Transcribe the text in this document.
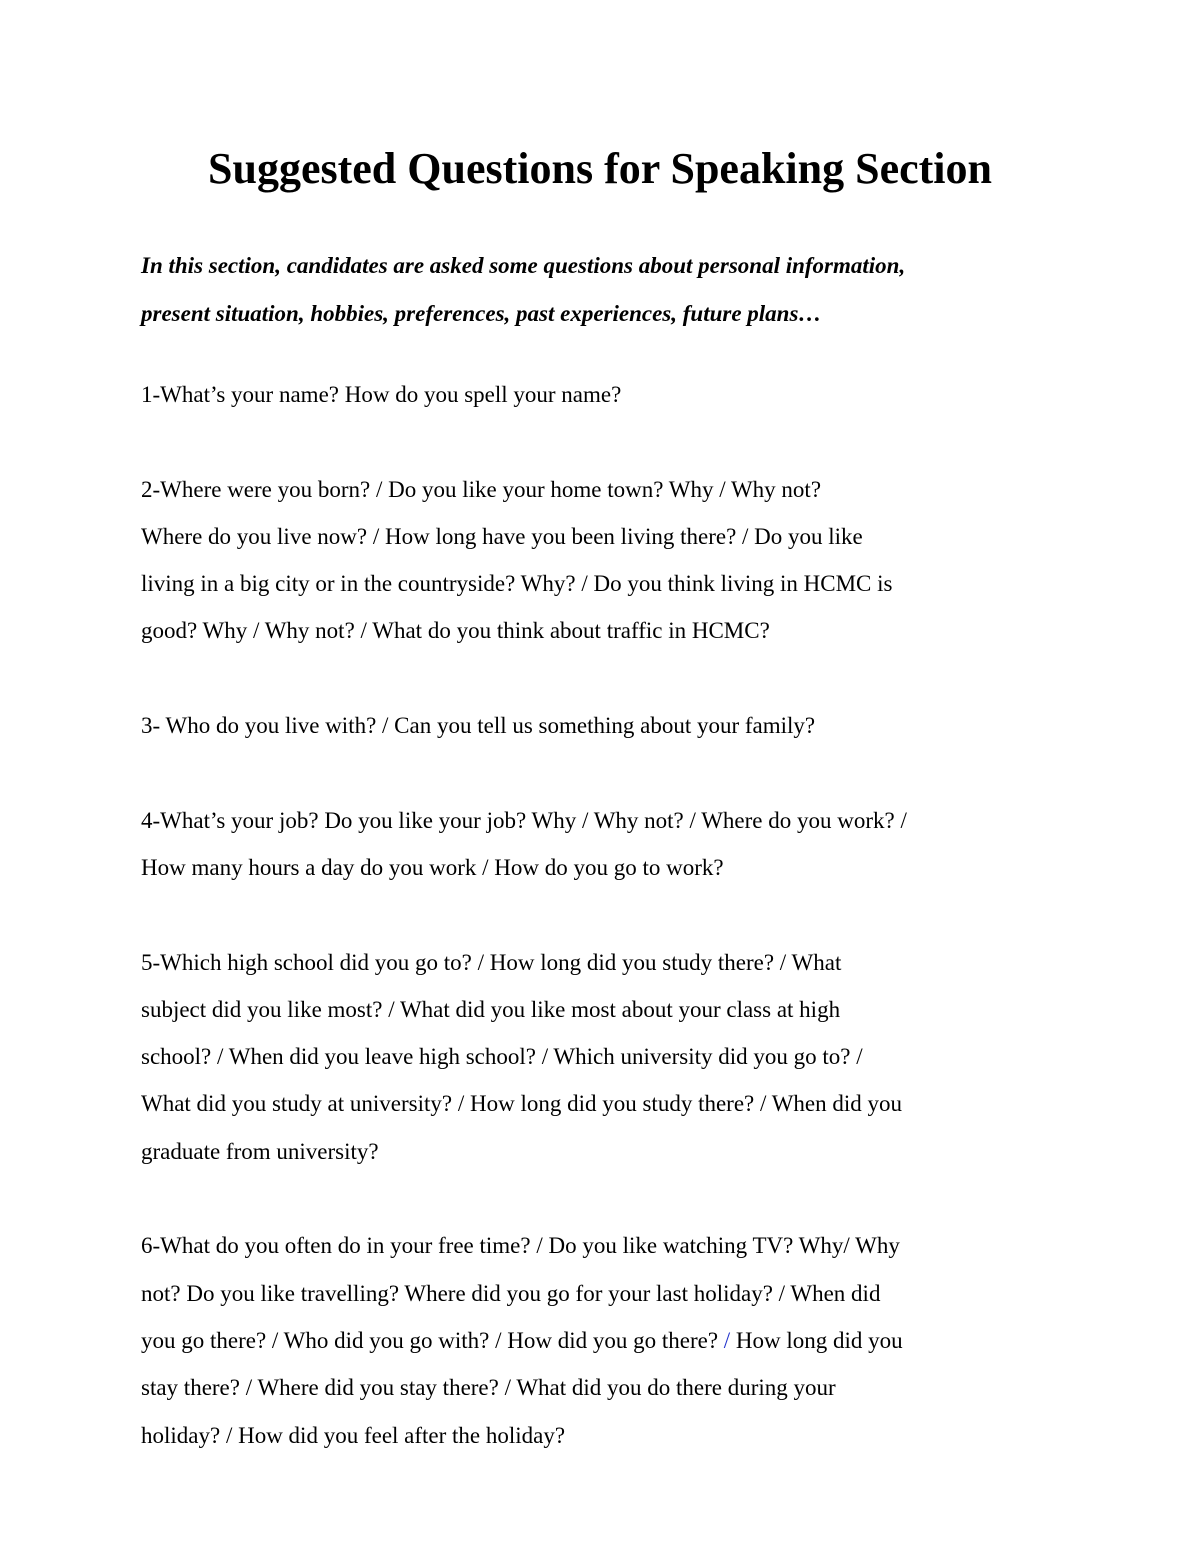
Suggested Questions for Speaking Section

In this section, candidates are asked some questions about personal information,
present situation, hobbies, preferences, past experiences, future plans…

1-What’s your name? How do you spell your name?
2-Where were you born? / Do you like your home town? Why / Why not?
Where do you live now? / How long have you been living there? / Do you like
living in a big city or in the countryside? Why? / Do you think living in HCMC is
good? Why / Why not? / What do you think about traffic in HCMC?
3- Who do you live with? / Can you tell us something about your family?
4-What’s your job? Do you like your job? Why / Why not? / Where do you work? /
How many hours a day do you work / How do you go to work?
5-Which high school did you go to? / How long did you study there? / What
subject did you like most? / What did you like most about your class at high
school? / When did you leave high school? / Which university did you go to? /
What did you study at university? / How long did you study there? / When did you
graduate from university?
6-What do you often do in your free time? / Do you like watching TV? Why/ Why
not? Do you like travelling? Where did you go for your last holiday? / When did
you go there? / Who did you go with? / How did you go there? / How long did you
stay there? / Where did you stay there? / What did you do there during your
holiday? / How did you feel after the holiday?
